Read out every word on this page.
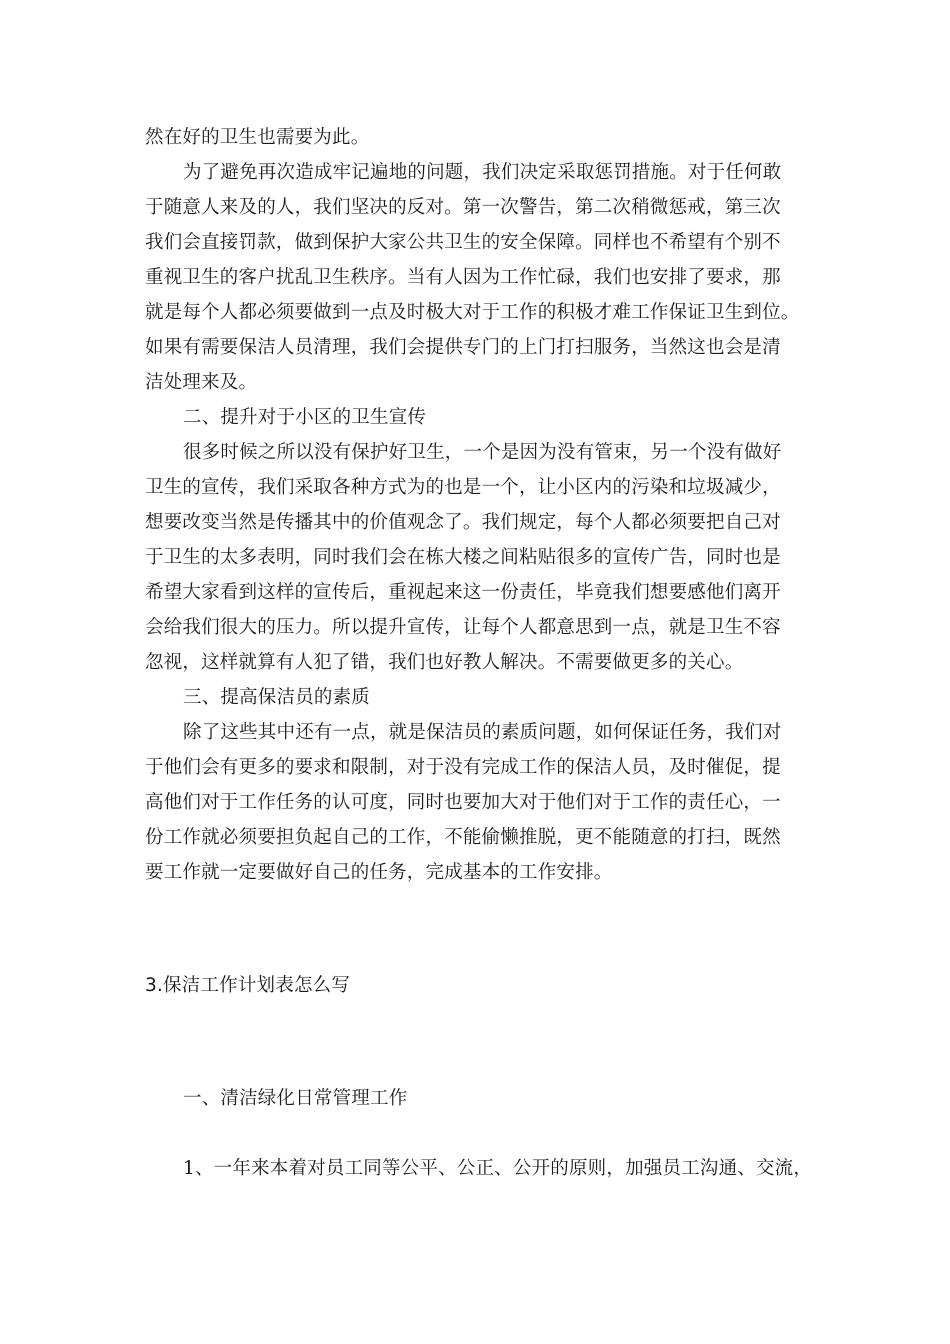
然在好的卫生也需要为此。
为了避免再次造成牢记遍地的问题，我们决定采取惩罚措施。对于任何敢
于随意人来及的人，我们坚决的反对。第一次警告，第二次稍微惩戒，第三次
我们会直接罚款，做到保护大家公共卫生的安全保障。同样也不希望有个别不
重视卫生的客户扰乱卫生秩序。当有人因为工作忙碌，我们也安排了要求，那
就是每个人都必须要做到一点及时极大对于工作的积极才难工作保证卫生到位。
如果有需要保洁人员清理，我们会提供专门的上门打扫服务，当然这也会是清
洁处理来及。
二、提升对于小区的卫生宣传
很多时候之所以没有保护好卫生，一个是因为没有管束，另一个没有做好
卫生的宣传，我们采取各种方式为的也是一个，让小区内的污染和垃圾减少，
想要改变当然是传播其中的价值观念了。我们规定，每个人都必须要把自己对
于卫生的太多表明，同时我们会在栋大楼之间粘贴很多的宣传广告，同时也是
希望大家看到这样的宣传后，重视起来这一份责任，毕竟我们想要感他们离开
会给我们很大的压力。所以提升宣传，让每个人都意思到一点，就是卫生不容
忽视，这样就算有人犯了错，我们也好教人解决。不需要做更多的关心。
三、提高保洁员的素质
除了这些其中还有一点，就是保洁员的素质问题，如何保证任务，我们对
于他们会有更多的要求和限制，对于没有完成工作的保洁人员，及时催促，提
高他们对于工作任务的认可度，同时也要加大对于他们对于工作的责任心，一
份工作就必须要担负起自己的工作，不能偷懒推脱，更不能随意的打扫，既然
要工作就一定要做好自己的任务，完成基本的工作安排。
3.保洁工作计划表怎么写
一、清洁绿化日常管理工作
1、一年来本着对员工同等公平、公正、公开的原则，加强员工沟通、交流，
